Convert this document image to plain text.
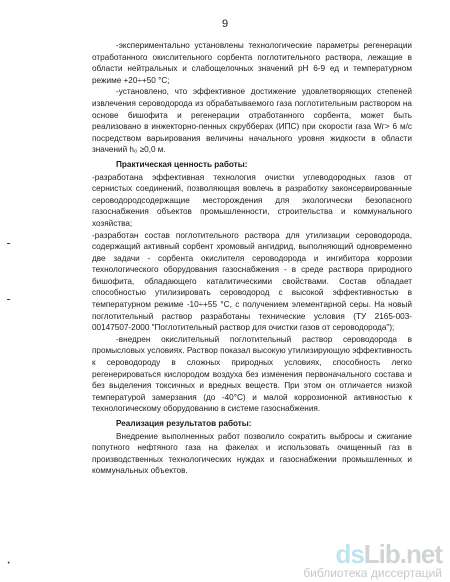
9

-экспериментально установлены технологические параметры регенерации отработанного окислительного сорбента поглотительного раствора, лежащие в области нейтральных и слабощелочных значений pH 6-9 ед и температурном режиме +20÷+50 °С;

-установлено, что эффективное достижение удовлетворяющих степеней извлечения сероводорода из обрабатываемого газа поглотительным раствором на основе бишофита и регенерации отработанного сорбента, может быть реализовано в инжекторно-пенных скрубберах (ИПС) при скорости газа Wг> 6 м/с посредством варьирования величины начального уровня жидкости в области значений h₀ ≥0,0 м.

Практическая ценность работы:

-разработана эффективная технология очистки углеводородных газов от сернистых соединений, позволяющая вовлечь в разработку законсервированные сероводородсодержащие месторождения для экологически безопасного газоснабжения объектов промышленности, строительства и коммунального хозяйства;

-разработан состав поглотительного раствора для утилизации сероводорода, содержащий активный сорбент хромовый ангидрид, выполняющий одновременно две задачи - сорбента окислителя сероводорода и ингибитора коррозии технологического оборудования газоснабжения - в среде раствора природного бишофита, обладающего каталитическими свойствами. Состав обладает способностью утилизировать сероводород с высокой эффективностью в температурном режиме -10÷+55 °С, с получением элементарной серы. На новый поглотительный раствор разработаны технические условия (ТУ 2165-003-00147507-2000 "Поглотительный раствор для очистки газов от сероводорода");

-внедрен окислительный поглотительный раствор сероводорода в промысловых условиях. Раствор показал высокую утилизирующую эффективность к сероводороду в сложных природных условиях, способность легко регенерироваться кислородом воздуха без изменения первоначального состава и без выделения токсичных и вредных веществ. При этом он отличается низкой температурой замерзания (до -40°С) и малой коррозионной активностью к технологическому оборудованию в системе газоснабжения.

Реализация результатов работы:

Внедрение выполненных работ позволило сократить выбросы и сжигание попутного нефтяного газа на факелах и использовать очищенный газ в производственных технологических нуждах и газоснабжении промышленных и коммунальных объектов.

-
-
·	ds Lib.net
библиотека диссертаций
